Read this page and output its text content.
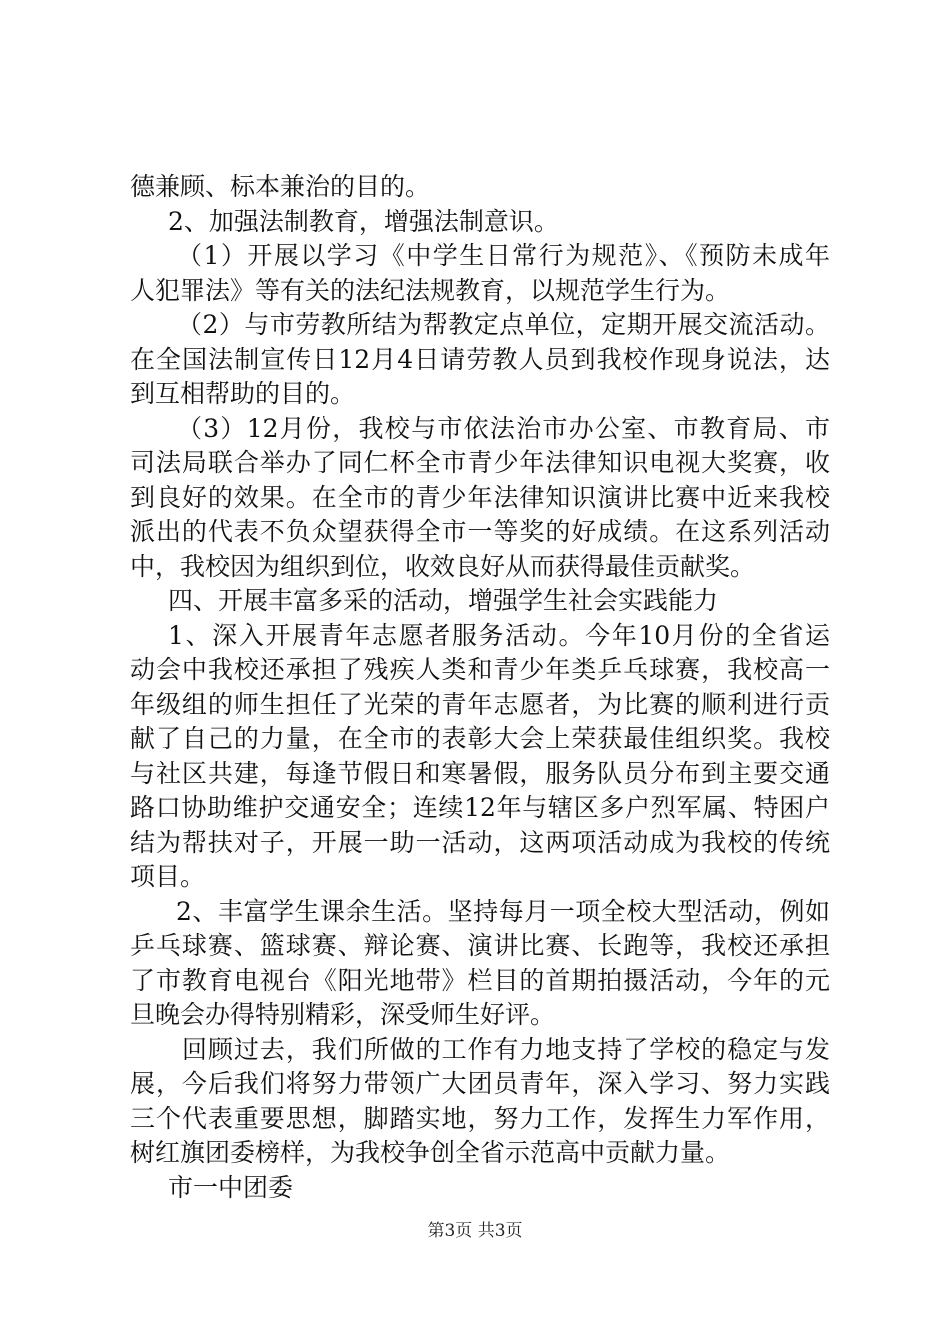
德兼顾、标本兼治的目的。
2、加强法制教育，增强法制意识。
（1）开展以学习《中学生日常行为规范》、《预防未成年
人犯罪法》等有关的法纪法规教育，以规范学生行为。
（2）与市劳教所结为帮教定点单位，定期开展交流活动。
在全国法制宣传日12月4日请劳教人员到我校作现身说法，达
到互相帮助的目的。
（3）12月份，我校与市依法治市办公室、市教育局、市
司法局联合举办了同仁杯全市青少年法律知识电视大奖赛，收
到良好的效果。在全市的青少年法律知识演讲比赛中近来我校
派出的代表不负众望获得全市一等奖的好成绩。在这系列活动
中，我校因为组织到位，收效良好从而获得最佳贡献奖。
四、开展丰富多采的活动，增强学生社会实践能力
1、深入开展青年志愿者服务活动。今年10月份的全省运
动会中我校还承担了残疾人类和青少年类乒乓球赛，我校高一
年级组的师生担任了光荣的青年志愿者，为比赛的顺利进行贡
献了自己的力量，在全市的表彰大会上荣获最佳组织奖。我校
与社区共建，每逢节假日和寒暑假，服务队员分布到主要交通
路口协助维护交通安全；连续12年与辖区多户烈军属、特困户
结为帮扶对子，开展一助一活动，这两项活动成为我校的传统
项目。
2、丰富学生课余生活。坚持每月一项全校大型活动，例如
乒乓球赛、篮球赛、辩论赛、演讲比赛、长跑等，我校还承担
了市教育电视台《阳光地带》栏目的首期拍摄活动，今年的元
旦晚会办得特别精彩，深受师生好评。
回顾过去，我们所做的工作有力地支持了学校的稳定与发
展，今后我们将努力带领广大团员青年，深入学习、努力实践
三个代表重要思想，脚踏实地，努力工作，发挥生力军作用，
树红旗团委榜样，为我校争创全省示范高中贡献力量。
市一中团委
第3页 共3页
